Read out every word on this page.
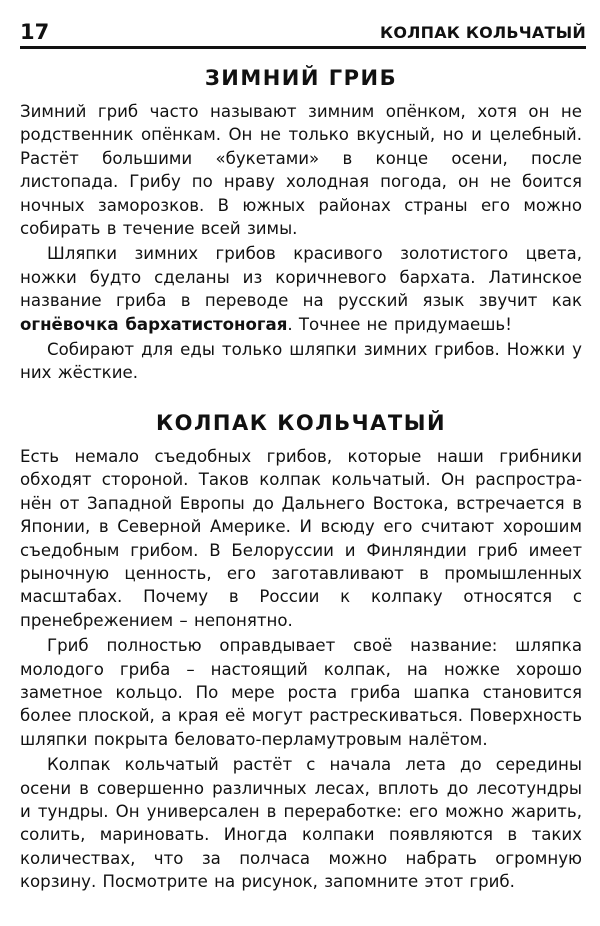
17	КОЛПАК КОЛЬЧАТЫЙ
ЗИМНИЙ ГРИБ

Зимний гриб часто называют зимним опёнком, хотя он не родственник опёнкам. Он не только вкусный, но и целебный. Растёт большими «букетами» в конце осени, после листопада. Грибу по нраву холодная погода, он не боится ночных заморозков. В южных районах страны его можно собирать в течение всей зимы.

Шляпки зимних грибов красивого золотистого цвета, ножки будто сделаны из коричневого бархата. Латинское название гриба в переводе на русский язык звучит как огнёвочка бархатистоногая. Точнее не придумаешь!

Собирают для еды только шляпки зимних грибов. Ножки у них жёсткие.

КОЛПАК КОЛЬЧАТЫЙ

Есть немало съедобных грибов, которые наши грибники обходят стороной. Таков колпак кольчатый. Он распространён от Западной Европы до Дальнего Востока, встречается в Японии, в Северной Америке. И всюду его считают хорошим съедобным грибом. В Белоруссии и Финляндии гриб имеет рыночную ценность, его заготавливают в промышленных масштабах. Почему в России к колпаку относятся с пренебрежением – непонятно.

Гриб полностью оправдывает своё название: шляпка молодого гриба – настоящий колпак, на ножке хорошо заметное кольцо. По мере роста гриба шапка становится более плоской, а края её могут растрескиваться. Поверхность шляпки покрыта беловато-перламутровым налётом.

Колпак кольчатый растёт с начала лета до середины осени в совершенно различных лесах, вплоть до лесотундры и тундры. Он универсален в переработке: его можно жарить, солить, мариновать. Иногда колпаки появляются в таких количествах, что за полчаса можно набрать огромную корзину. Посмотрите на рисунок, запомните этот гриб.
